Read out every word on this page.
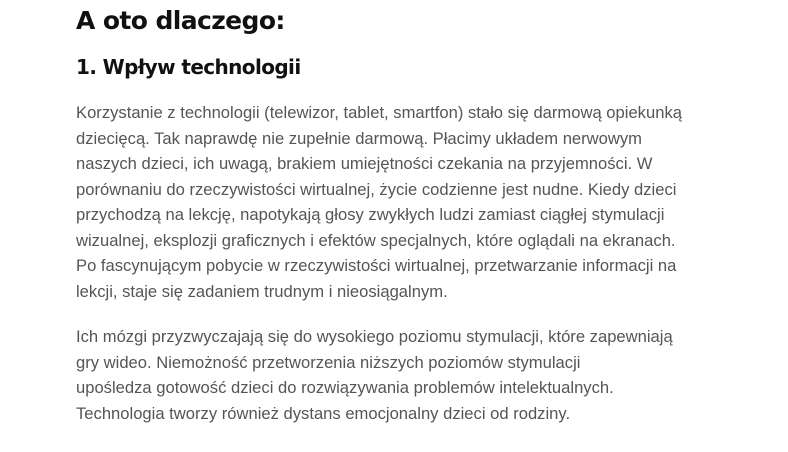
A oto dlaczego:
1. Wpływ technologii

Korzystanie z technologii (telewizor, tablet, smartfon) stało się darmową opiekunką
dziecięcą. Tak naprawdę nie zupełnie darmową. Płacimy układem nerwowym
naszych dzieci, ich uwagą, brakiem umiejętności czekania na przyjemności. W
porównaniu do rzeczywistości wirtualnej, życie codzienne jest nudne. Kiedy dzieci
przychodzą na lekcję, napotykają głosy zwykłych ludzi zamiast ciągłej stymulacji
wizualnej, eksplozji graficznych i efektów specjalnych, które oglądali na ekranach.
Po fascynującym pobycie w rzeczywistości wirtualnej, przetwarzanie informacji na
lekcji, staje się zadaniem trudnym i nieosiągalnym.

Ich mózgi przyzwyczajają się do wysokiego poziomu stymulacji, które zapewniają
gry wideo. Niemożność przetworzenia niższych poziomów stymulacji
upośledza gotowość dzieci do rozwiązywania problemów intelektualnych.
Technologia tworzy również dystans emocjonalny dzieci od rodziny.
